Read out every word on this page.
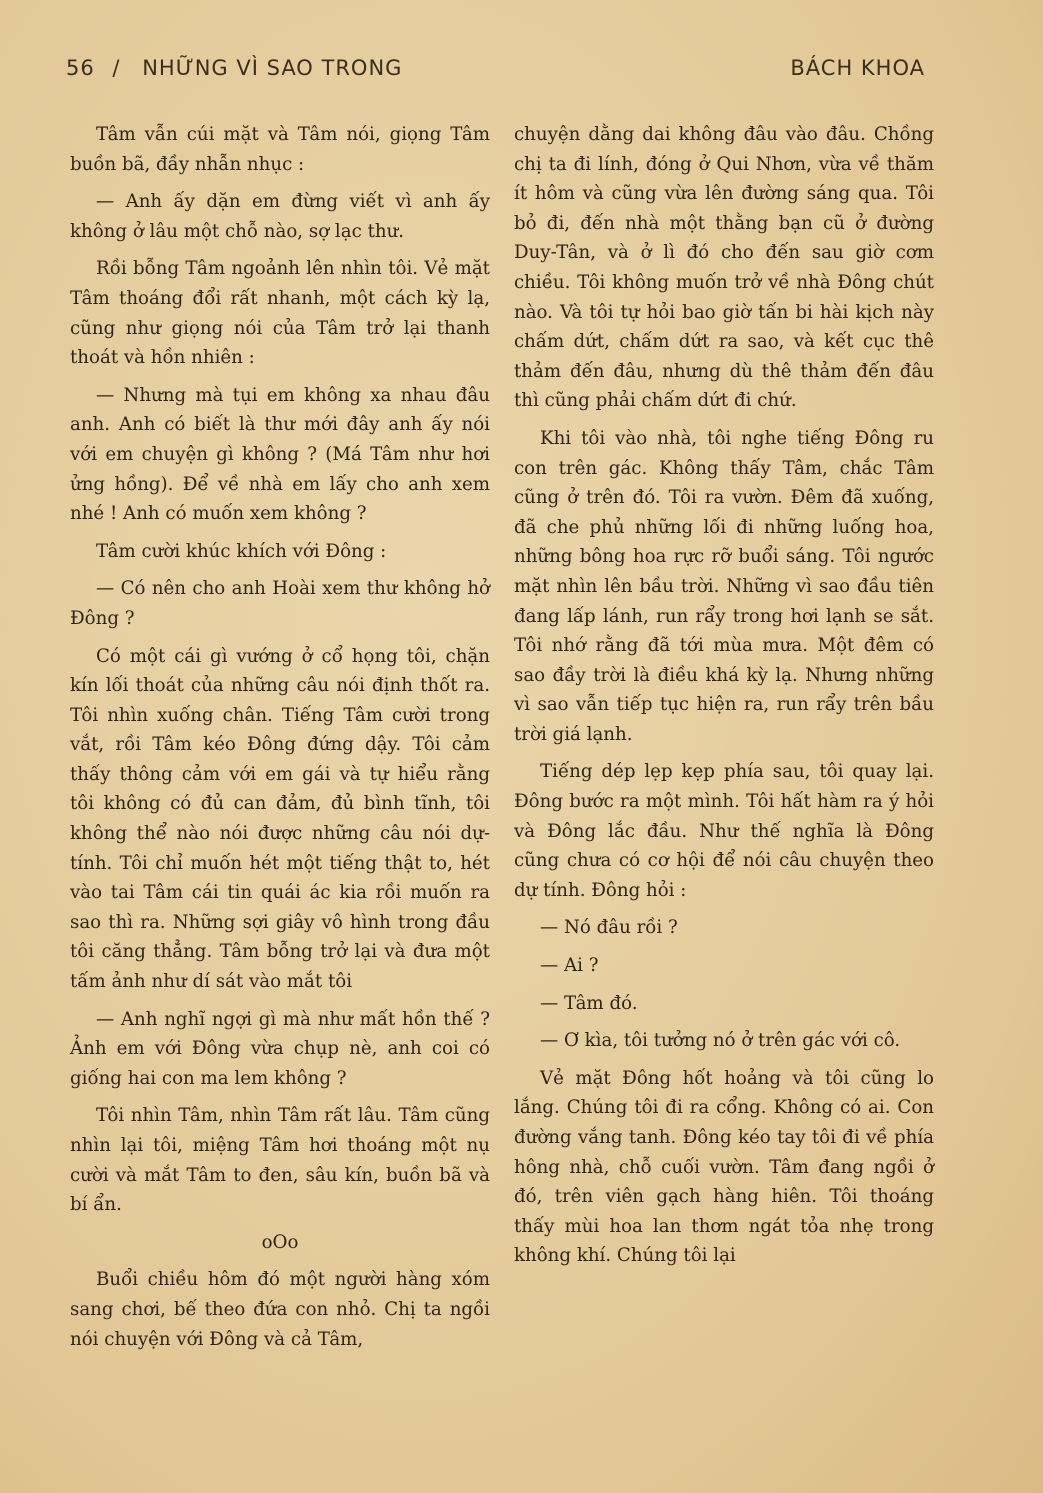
56 / NHỮNG VÌ SAO TRONG	BÁCH KHOA

Tâm vẫn cúi mặt và Tâm nói, giọng Tâm buồn bã, đầy nhẫn nhục :

— Anh ấy dặn em đừng viết vì anh ấy không ở lâu một chỗ nào, sợ lạc thư.

Rồi bỗng Tâm ngoảnh lên nhìn tôi. Vẻ mặt Tâm thoáng đổi rất nhanh, một cách kỳ lạ, cũng như giọng nói của Tâm trở lại thanh thoát và hồn nhiên :

— Nhưng mà tụi em không xa nhau đâu anh. Anh có biết là thư mới đây anh ấy nói với em chuyện gì không ? (Má Tâm như hơi ửng hồng). Để về nhà em lấy cho anh xem nhé ! Anh có muốn xem không ?

Tâm cười khúc khích với Đông :

— Có nên cho anh Hoài xem thư không hở Đông ?

Có một cái gì vướng ở cổ họng tôi, chặn kín lối thoát của những câu nói định thốt ra. Tôi nhìn xuống chân. Tiếng Tâm cười trong vắt, rồi Tâm kéo Đông đứng dậy. Tôi cảm thấy thông cảm với em gái và tự hiểu rằng tôi không có đủ can đảm, đủ bình tĩnh, tôi không thể nào nói được những câu nói dự-tính. Tôi chỉ muốn hét một tiếng thật to, hét vào tai Tâm cái tin quái ác kia rồi muốn ra sao thì ra. Những sợi giây vô hình trong đầu tôi căng thẳng. Tâm bỗng trở lại và đưa một tấm ảnh như dí sát vào mắt tôi

— Anh nghĩ ngợi gì mà như mất hồn thế ? Ảnh em với Đông vừa chụp nè, anh coi có giống hai con ma lem không ?

Tôi nhìn Tâm, nhìn Tâm rất lâu. Tâm cũng nhìn lại tôi, miệng Tâm hơi thoáng một nụ cười và mắt Tâm to đen, sâu kín, buồn bã và bí ẩn.

oOo

Buổi chiều hôm đó một người hàng xóm sang chơi, bế theo đứa con nhỏ. Chị ta ngồi nói chuyện với Đông và cả Tâm,

chuyện dằng dai không đâu vào đâu. Chồng chị ta đi lính, đóng ở Qui Nhơn, vừa về thăm ít hôm và cũng vừa lên đường sáng qua. Tôi bỏ đi, đến nhà một thằng bạn cũ ở đường Duy-Tân, và ở lì đó cho đến sau giờ cơm chiều. Tôi không muốn trở về nhà Đông chút nào. Và tôi tự hỏi bao giờ tấn bi hài kịch này chấm dứt, chấm dứt ra sao, và kết cục thê thảm đến đâu, nhưng dù thê thảm đến đâu thì cũng phải chấm dứt đi chứ.

Khi tôi vào nhà, tôi nghe tiếng Đông ru con trên gác. Không thấy Tâm, chắc Tâm cũng ở trên đó. Tôi ra vườn. Đêm đã xuống, đã che phủ những lối đi những luống hoa, những bông hoa rực rỡ buổi sáng. Tôi ngước mặt nhìn lên bầu trời. Những vì sao đầu tiên đang lấp lánh, run rẩy trong hơi lạnh se sắt. Tôi nhớ rằng đã tới mùa mưa. Một đêm có sao đầy trời là điều khá kỳ lạ. Nhưng những vì sao vẫn tiếp tục hiện ra, run rẩy trên bầu trời giá lạnh.

Tiếng dép lẹp kẹp phía sau, tôi quay lại. Đông bước ra một mình. Tôi hất hàm ra ý hỏi và Đông lắc đầu. Như thế nghĩa là Đông cũng chưa có cơ hội để nói câu chuyện theo dự tính. Đông hỏi :

— Nó đâu rồi ?

— Ai ?

— Tâm đó.

— Ơ kìa, tôi tưởng nó ở trên gác với cô.

Vẻ mặt Đông hốt hoảng và tôi cũng lo lắng. Chúng tôi đi ra cổng. Không có ai. Con đường vắng tanh. Đông kéo tay tôi đi về phía hông nhà, chỗ cuối vườn. Tâm đang ngồi ở đó, trên viên gạch hàng hiên. Tôi thoáng thấy mùi hoa lan thơm ngát tỏa nhẹ trong không khí. Chúng tôi lại
